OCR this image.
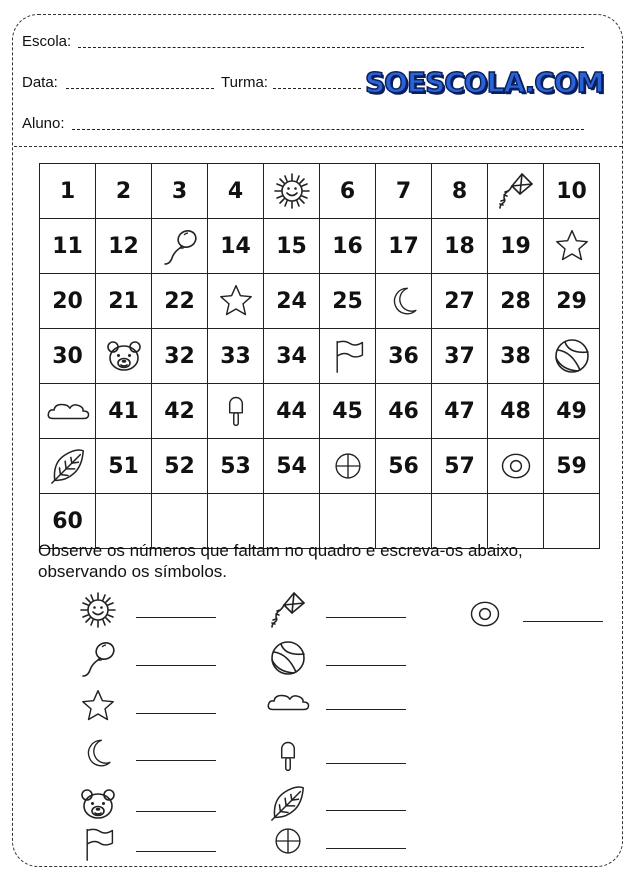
Escola:
Data:	Turma:	SOESCOLA.COM
Aluno:
1	2	3	4		6	7	8		10
11	12		14	15	16	17	18	19	

20	21	22		24	25		27	28	29
30		32	33	34		36	37	38	

	41	42		44	45	46	47	48	49

	51	52	53	54		56	57		59
60									
Observe os números que faltam no quadro e escreva-os abaixo, observando os símbolos.
